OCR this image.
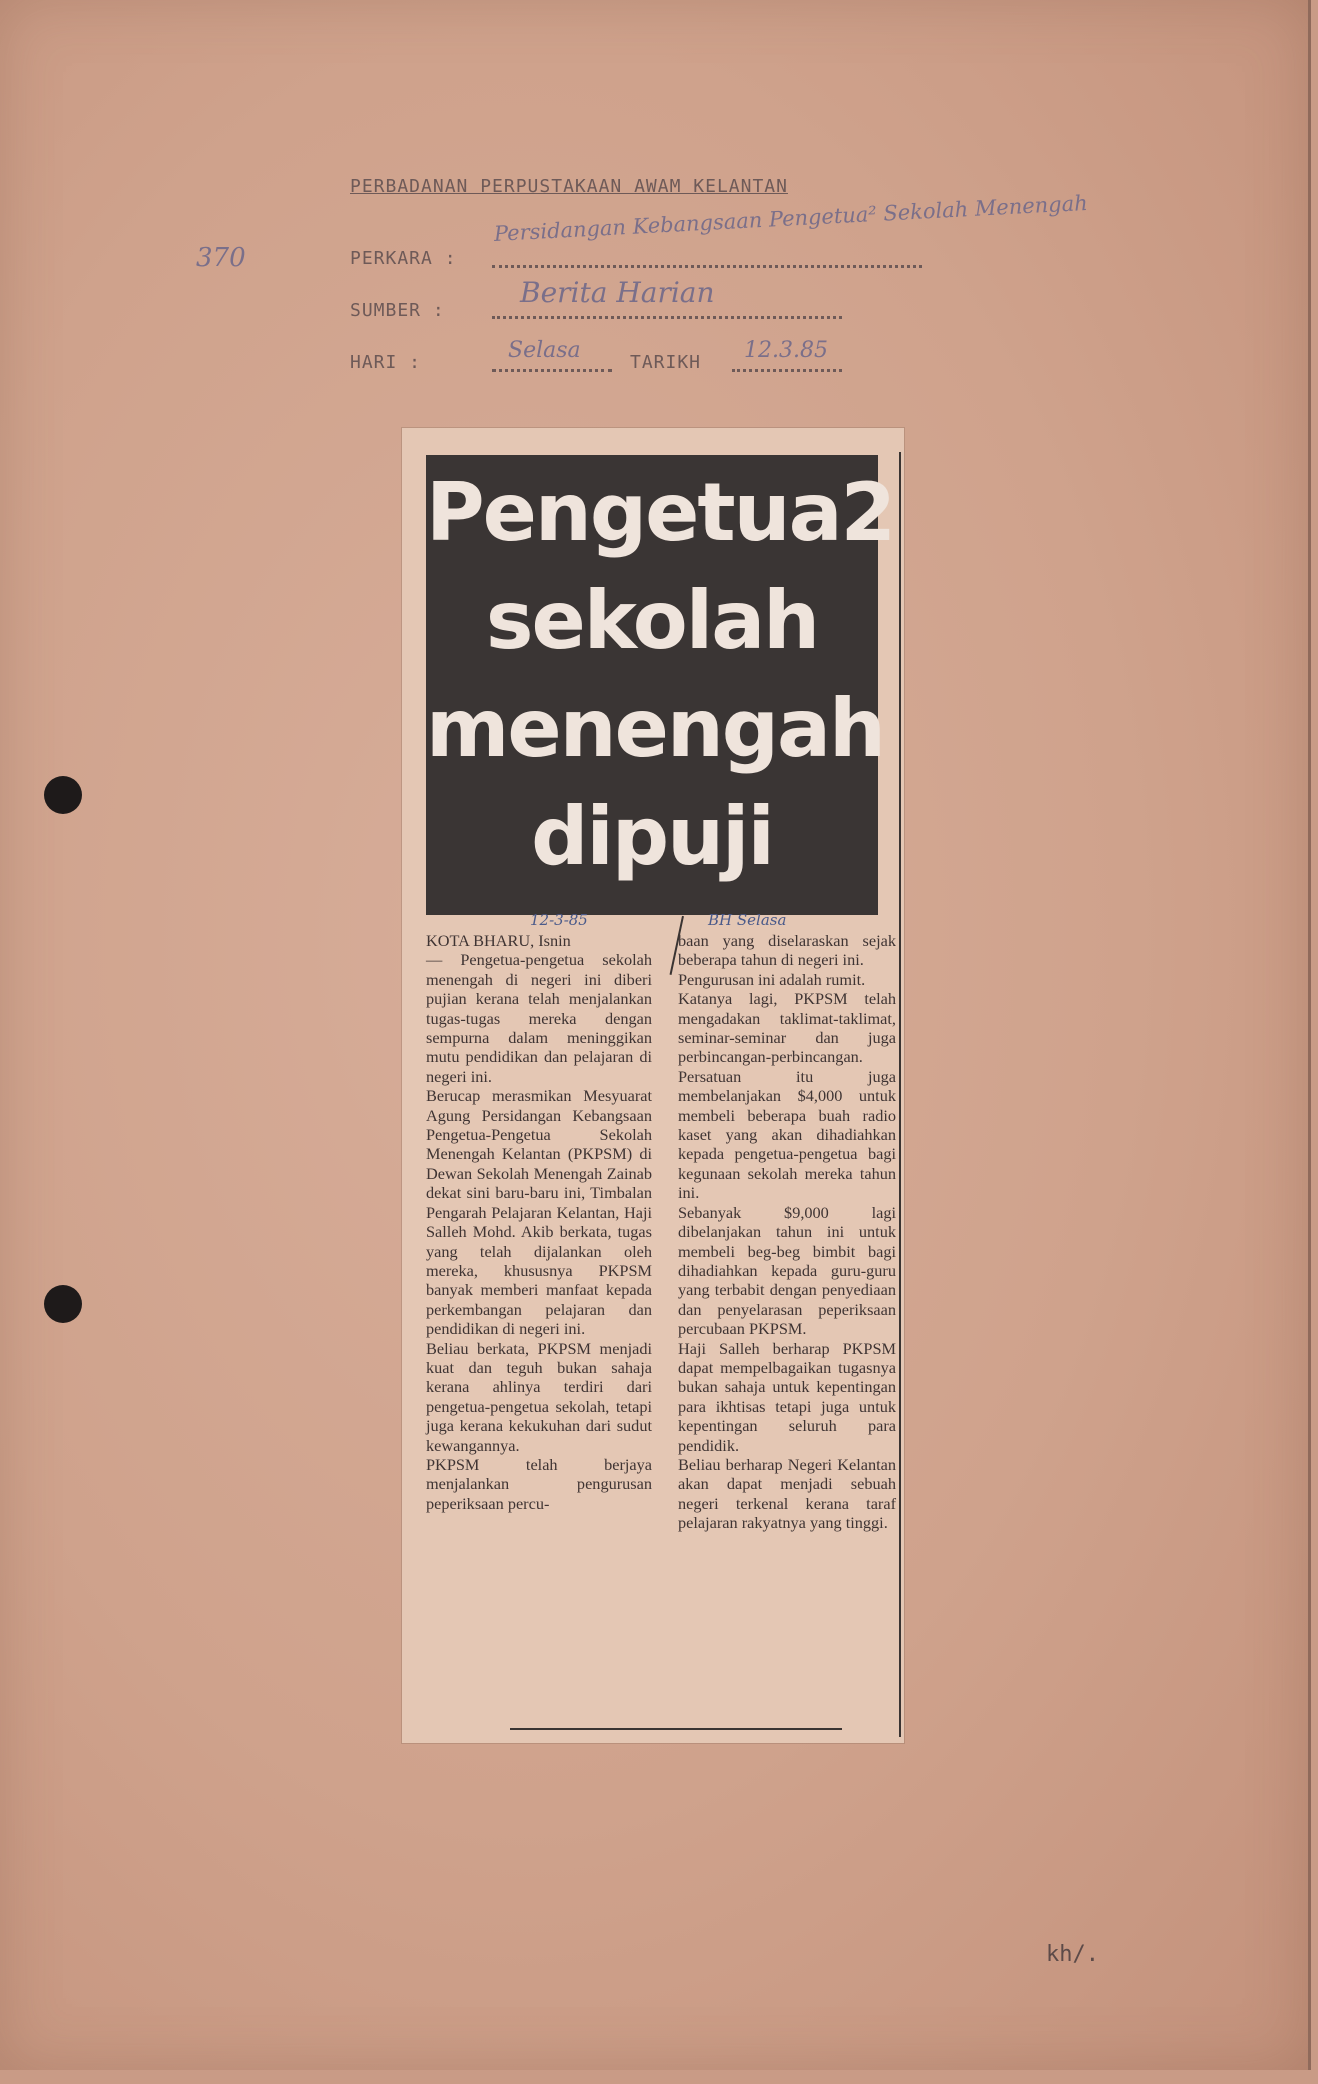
PERBADANAN PERPUSTAKAAN AWAM KELANTAN
370	PERKARA :
Persidangan Kebangsaan Pengetua² Sekolah Menengah
SUMBER :
Berita Harian
HARI :	Selasa	TARIKH 12.3.85
Pengetua2
sekolah
menengah
dipuji
12-3-85	BH Selasa
KOTA BHARU, Isnin
— Pengetua-pengetua sekolah menengah di negeri ini diberi pujian kerana telah menjalankan tugas-tugas mereka dengan sempurna dalam meninggikan mutu pendidikan dan pelajaran di negeri ini.
Berucap merasmikan Mesyuarat Agung Persidangan Kebangsaan Pengetua-Pengetua Sekolah Menengah Kelantan (PKPSM) di Dewan Sekolah Menengah Zainab dekat sini baru-baru ini, Timbalan Pengarah Pelajaran Kelantan, Haji Salleh Mohd. Akib berkata, tugas yang telah dijalankan oleh mereka, khususnya PKPSM banyak memberi manfaat kepada perkembangan pelajaran dan pendidikan di negeri ini.
Beliau berkata, PKPSM menjadi kuat dan teguh bukan sahaja kerana ahlinya terdiri dari pengetua-pengetua sekolah, tetapi juga kerana kekukuhan dari sudut kewangannya.
PKPSM telah berjaya menjalankan pengurusan peperiksaan percu-
baan yang diselaraskan sejak beberapa tahun di negeri ini.
Pengurusan ini adalah rumit.
Katanya lagi, PKPSM telah mengadakan taklimat-taklimat, seminar-seminar dan juga perbincangan-perbincangan.
Persatuan itu juga membelanjakan $4,000 untuk membeli beberapa buah radio kaset yang akan dihadiahkan kepada pengetua-pengetua bagi kegunaan sekolah mereka tahun ini.
Sebanyak $9,000 lagi dibelanjakan tahun ini untuk membeli beg-beg bimbit bagi dihadiahkan kepada guru-guru yang terbabit dengan penyediaan dan penyelarasan peperiksaan percubaan PKPSM.
Haji Salleh berharap PKPSM dapat mempelbagaikan tugasnya bukan sahaja untuk kepentingan para ikhtisas tetapi juga untuk kepentingan seluruh para pendidik.
Beliau berharap Negeri Kelantan akan dapat menjadi sebuah negeri terkenal kerana taraf pelajaran rakyatnya yang tinggi.
kh/.
